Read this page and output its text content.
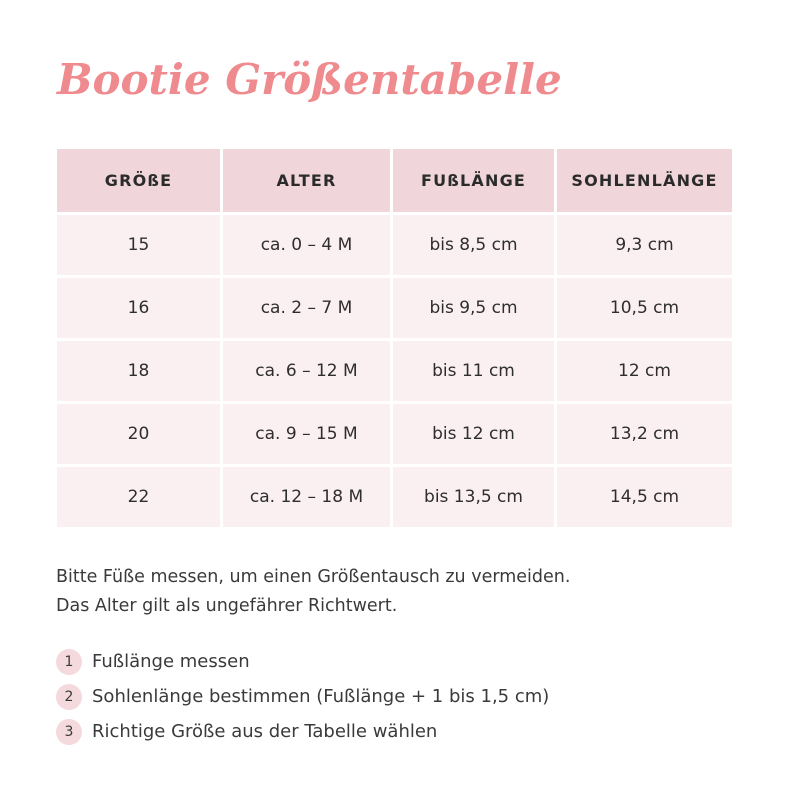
Bootie Größentabelle
GRÖßE	ALTER	FUßLÄNGE	SOHLENLÄNGE
15	ca. 0 – 4 M	bis 8,5 cm	9,3 cm
16	ca. 2 – 7 M	bis 9,5 cm	10,5 cm
18	ca. 6 – 12 M	bis 11 cm	12 cm
20	ca. 9 – 15 M	bis 12 cm	13,2 cm
22	ca. 12 – 18 M	bis 13,5 cm	14,5 cm

Bitte Füße messen, um einen Größentausch zu vermeiden.

Das Alter gilt als ungefährer Richtwert.

1	Fußlänge messen
2	Sohlenlänge bestimmen (Fußlänge + 1 bis 1,5 cm)
3	Richtige Größe aus der Tabelle wählen
